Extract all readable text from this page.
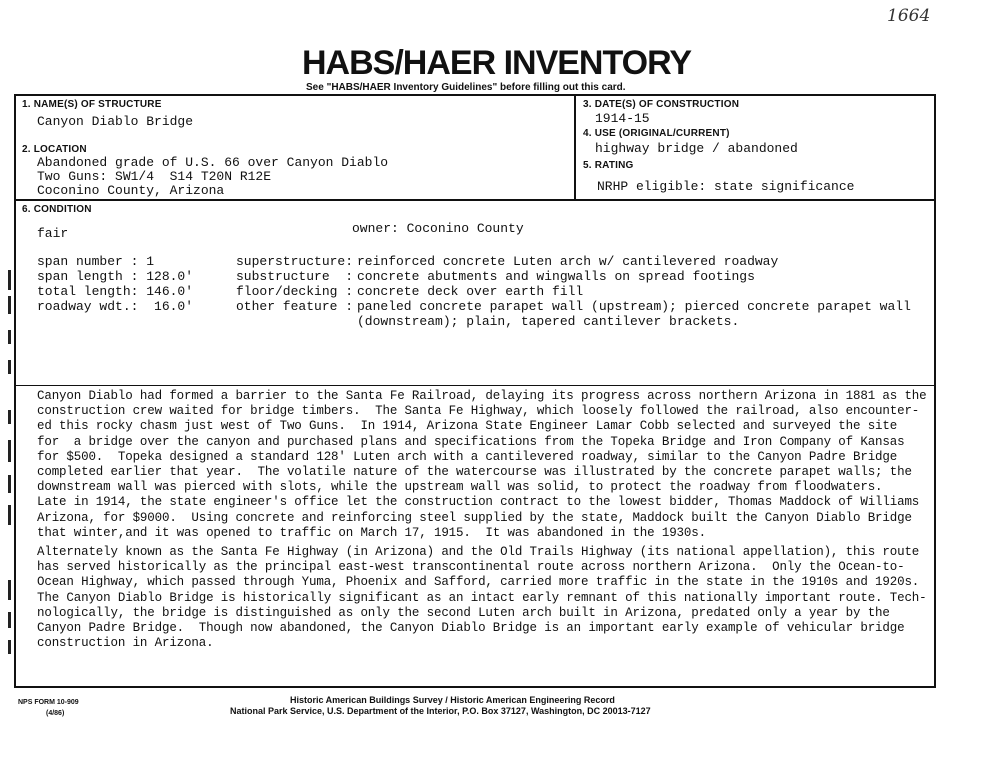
1664
HABS/HAER INVENTORY
See "HABS/HAER Inventory Guidelines" before filling out this card.
1. NAME(S) OF STRUCTURE
Canyon Diablo Bridge
2. LOCATION
Abandoned grade of U.S. 66 over Canyon Diablo
Two Guns: SW1/4  S14 T20N R12E
Coconino County, Arizona
3. DATE(S) OF CONSTRUCTION
1914-15
4. USE (ORIGINAL/CURRENT)
highway bridge / abandoned
5. RATING
NRHP eligible: state significance
6. CONDITION
fair	owner: Coconino County
span number : 1
span length : 128.0'
total length: 146.0'
roadway wdt.:  16.0'
superstructure:
substructure  :
floor/decking :
other feature :
reinforced concrete Luten arch w/ cantilevered roadway
concrete abutments and wingwalls on spread footings
concrete deck over earth fill
paneled concrete parapet wall (upstream); pierced concrete parapet wall
(downstream); plain, tapered cantilever brackets.
Canyon Diablo had formed a barrier to the Santa Fe Railroad, delaying its progress across northern Arizona in 1881 as the
construction crew waited for bridge timbers.  The Santa Fe Highway, which loosely followed the railroad, also encounter-
ed this rocky chasm just west of Two Guns.  In 1914, Arizona State Engineer Lamar Cobb selected and surveyed the site
for  a bridge over the canyon and purchased plans and specifications from the Topeka Bridge and Iron Company of Kansas
for $500.  Topeka designed a standard 128' Luten arch with a cantilevered roadway, similar to the Canyon Padre Bridge
completed earlier that year.  The volatile nature of the watercourse was illustrated by the concrete parapet walls; the
downstream wall was pierced with slots, while the upstream wall was solid, to protect the roadway from floodwaters.
Late in 1914, the state engineer's office let the construction contract to the lowest bidder, Thomas Maddock of Williams
Arizona, for $9000.  Using concrete and reinforcing steel supplied by the state, Maddock built the Canyon Diablo Bridge
that winter,and it was opened to traffic on March 17, 1915.  It was abandoned in the 1930s.
Alternately known as the Santa Fe Highway (in Arizona) and the Old Trails Highway (its national appellation), this route
has served historically as the principal east-west transcontinental route across northern Arizona.  Only the Ocean-to-
Ocean Highway, which passed through Yuma, Phoenix and Safford, carried more traffic in the state in the 1910s and 1920s.
The Canyon Diablo Bridge is historically significant as an intact early remnant of this nationally important route. Tech-
nologically, the bridge is distinguished as only the second Luten arch built in Arizona, predated only a year by the
Canyon Padre Bridge.  Though now abandoned, the Canyon Diablo Bridge is an important early example of vehicular bridge
construction in Arizona.
NPS FORM 10-909
(4/86)
Historic American Buildings Survey / Historic American Engineering Record
National Park Service, U.S. Department of the Interior, P.O. Box 37127, Washington, DC 20013-7127
